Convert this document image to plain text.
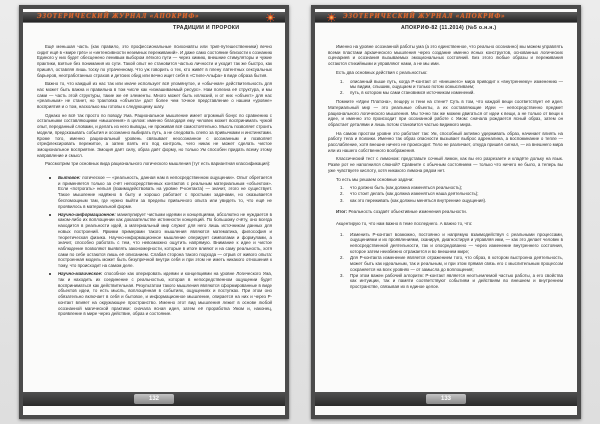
ЭЗОТЕРИЧЕСКИЙ ЖУРНАЛ «АПОКРИФ»
ТРАДИЦИИ И ПРОРОКИ

Ещё меньшая часть (как правило, это профессиональные психонавты или трип-путешественники) вечно сидит ещё в «мире грёз» и «интенсивности неземных переживаний». И даже само состояние близости к сознанию Единого у них будет обесценено ленивым выбором лёгкого пути — через химию, внешние стимуляторы и чужие практики, взятые без понимания их сути. Такой опыт не становится частью личности и уходит так же быстро, как пришёл, оставляя лишь тоску по утраченному. Что уж говорить о тех, кто живёт в плену латентных сексуальных барьеров, неотработанных страхов и детских обид или вечно ищет себя в «Стиле-Альфа» в виде образа бытия.

Важно то, что каждый из нас так или иначе использует всё упомянутое, и «обычная» действительность для нас может быть важна и правильна в том числе как «изнашиваемый ресурс». Нам полезна её структура, и мы сами — часть этой структуры, такие же её элементы. Много может быть иллюзий, и от них «объект» для нас «реальным» не станет, но трактовка «объекта» даст более чем точное представление о нашем «уровне» восприятия и о том, насколько мы готовы к следующему шагу.

Однако не всё так просто по поводу Ума. Рациональное мышление имеет огромный бонус по сравнению с остальными составляющими «мышления» в целом: именно благодаря ему человек может воспринимать чужой опыт, переданный словами, и делать из него выводы, не проживая всё самостоятельно. Мысль позволяет строить модели, предсказывать события и осознанно выбирать путь, а не следовать слепо за привычками и инстинктами. Кроме того, именно рациональный уровень связывает неосознанное с осознанным и позволяет отрефлексировать пережитое, а затем взять его под контроль, чего никак не может сделать чистое эмоциональное восприятие. Эмоция даёт силу, образ даёт форму, но только Ум способен придать всему этому направление и смысл.

Рассмотрим три основных вида рационального логического мышления (тут есть вариантная классификация):

Бытовое: логическое — «реальность, данная нам в непосредственном ощущении». Опыт обретается и применяется только за счёт непосредственных контактов с реальным материальным «объектом». Если «потрогать» нельзя (взаимодействовать на уровне Р-контакта) — значит, этого не существует. Такое мышление надёжно в быту и хорошо работает с простыми задачами, но оказывается беспомощным там, где нужно выйти за пределы привычного опыта или увидеть то, что ещё не проявилось в материальной форме.
Научно-информационное: манипулирует чистыми идеями и концепциями, абсолютно не нуждается в каком-либо их воплощении как доказательстве истинности концепций. По большому счёту, оно всегда находится в реальности идей, а материальный мир служит для него лишь источником данных для новых построений. Яркими примерами такого мышления являются математика, философия и теоретическая физика. Научно-информационное мышление оперирует символами и формулами, а значит, способно работать с тем, что невозможно ощутить напрямую. Внимание к идее и чистое наблюдение позволяют выявлять закономерности, которые в итоге влияют и на саму реальность, хотя сами по себе остаются лишь её описанием. Слабая сторона такого подхода — отрыв от живого опыта: построенная модель может быть безупречной внутри себя и при этом не иметь никакого отношения к тому, что происходит на самом деле.
Научно-магическое: способное как оперировать идеями и концепциями на уровне Логического Ума, так и находить их соединение с реальностью, которая в непосредственном ощущении будет восприниматься как действительная. Результатом такого мышления являются сформированные в виде объектов идеи, то есть мысль, воплощённая в событиях, ощущениях и поступках. При этом оно обязательно включает в себя и бытовое, и информационное мышление, опирается на них и через Р-контакт влияет на окружающее пространство. Именно этот вид мышления лежит в основе любой осознанной магической практики: сначала ясная идея, затем её проработка Умом и, наконец, проявление в мире через действие, образ и состояние.
132
ЭЗОТЕРИЧЕСКИЙ ЖУРНАЛ «АПОКРИФ»
АПОКРИФ-82 (11.2014) (№5 о.н.н.)

Именно на уровне осознанной работы ума (а это единственное, что реально осознанно) мы можем управлять всеми пластами архаического мышления через создание именно ясных конструктов, основанных логических сценариев и осознания вызываемых эмоциональных состояний. Без этого любые образы и переживания остаются стихийными и управляют нами, а не мы ими.

Есть два основных действия с реальностью:

1. описанный выше путь, когда Р-контакт от «внешнего» мира приводит к «внутреннему» изменению — мы видим, слышим, ощущаем и только потом осмысливаем;
2. путь, в котором мы сами становимся источником изменений.

Помните «Идеи Платона», пещеру и тени на стене? Суть в том, что каждой вещи соответствует её идея. Материальный мир — это реальные объекты, а их составляющие Идеи — непосредственно предмет рационального логического мышления. Мы точно так же можем двигаться от идеи к вещи, а не только от вещи к идее, и именно это происходит при осознанной работе с Умом: сначала рождается ясный образ, затем он обрастает деталями и лишь потом становится частью видимого мира.

На самом простом уровне это работает так: Ум, способный активно удерживать образ, начинает влиять на работу тела и психики. Именно так образ опасности вызывает выброс адреналина, а воспоминание о тепле — расслабление, хотя внешне ничего не происходит. Тело не различает, откуда пришёл сигнал, — из внешнего мира или из нашего собственного воображения.

Классический тест с лимоном: представьте сочный лимон, как вы его разрезаете и кладёте дольку на язык. Разве рот не наполнился слюной? Сравните с обычным состоянием — только что ничего не было, а теперь вы уже чувствуете кислоту, хотя никакого лимона рядом нет.

То есть мы решаем основные задачи:

1. что должно быть (как должна изменяться реальность);
2. что стоит делать (как должна изменяться наша деятельность);
3. как это переживать (как должны меняться внутренние ощущения).

Итог: Реальность создаёт объективные изменения реальности.

Акцентирую то, что нам важно в теме последнего. А важно то, что:

1. Изменить Р-контакт возможно, постоянно и напрямую взаимодействуя с реальными процессами, ощущениями и их проявлениями, сканируя, диагностируя и управляя ими, — как это делает человек в непосредственной деятельности, так и опосредованно — через изменение внутреннего состояния, которое затем неизбежно отражается и во внешнем мире;
2. Для Р-контакта изменение является отражением того, что образ, в котором выстроена деятельность, может быть как идеальным, так и реальным, и при этом прямая связь его с мыслительным процессом сохраняется на всех уровнях — от замысла до воплощения;
3. При этом важен рабочий алгоритм: Р-контакт является неотъемлемой частью работы, а его свойства как интуиции, так и памяти соответствуют событиям и действиям во внешнем и внутреннем пространстве, связывая их в единое целое.
133
